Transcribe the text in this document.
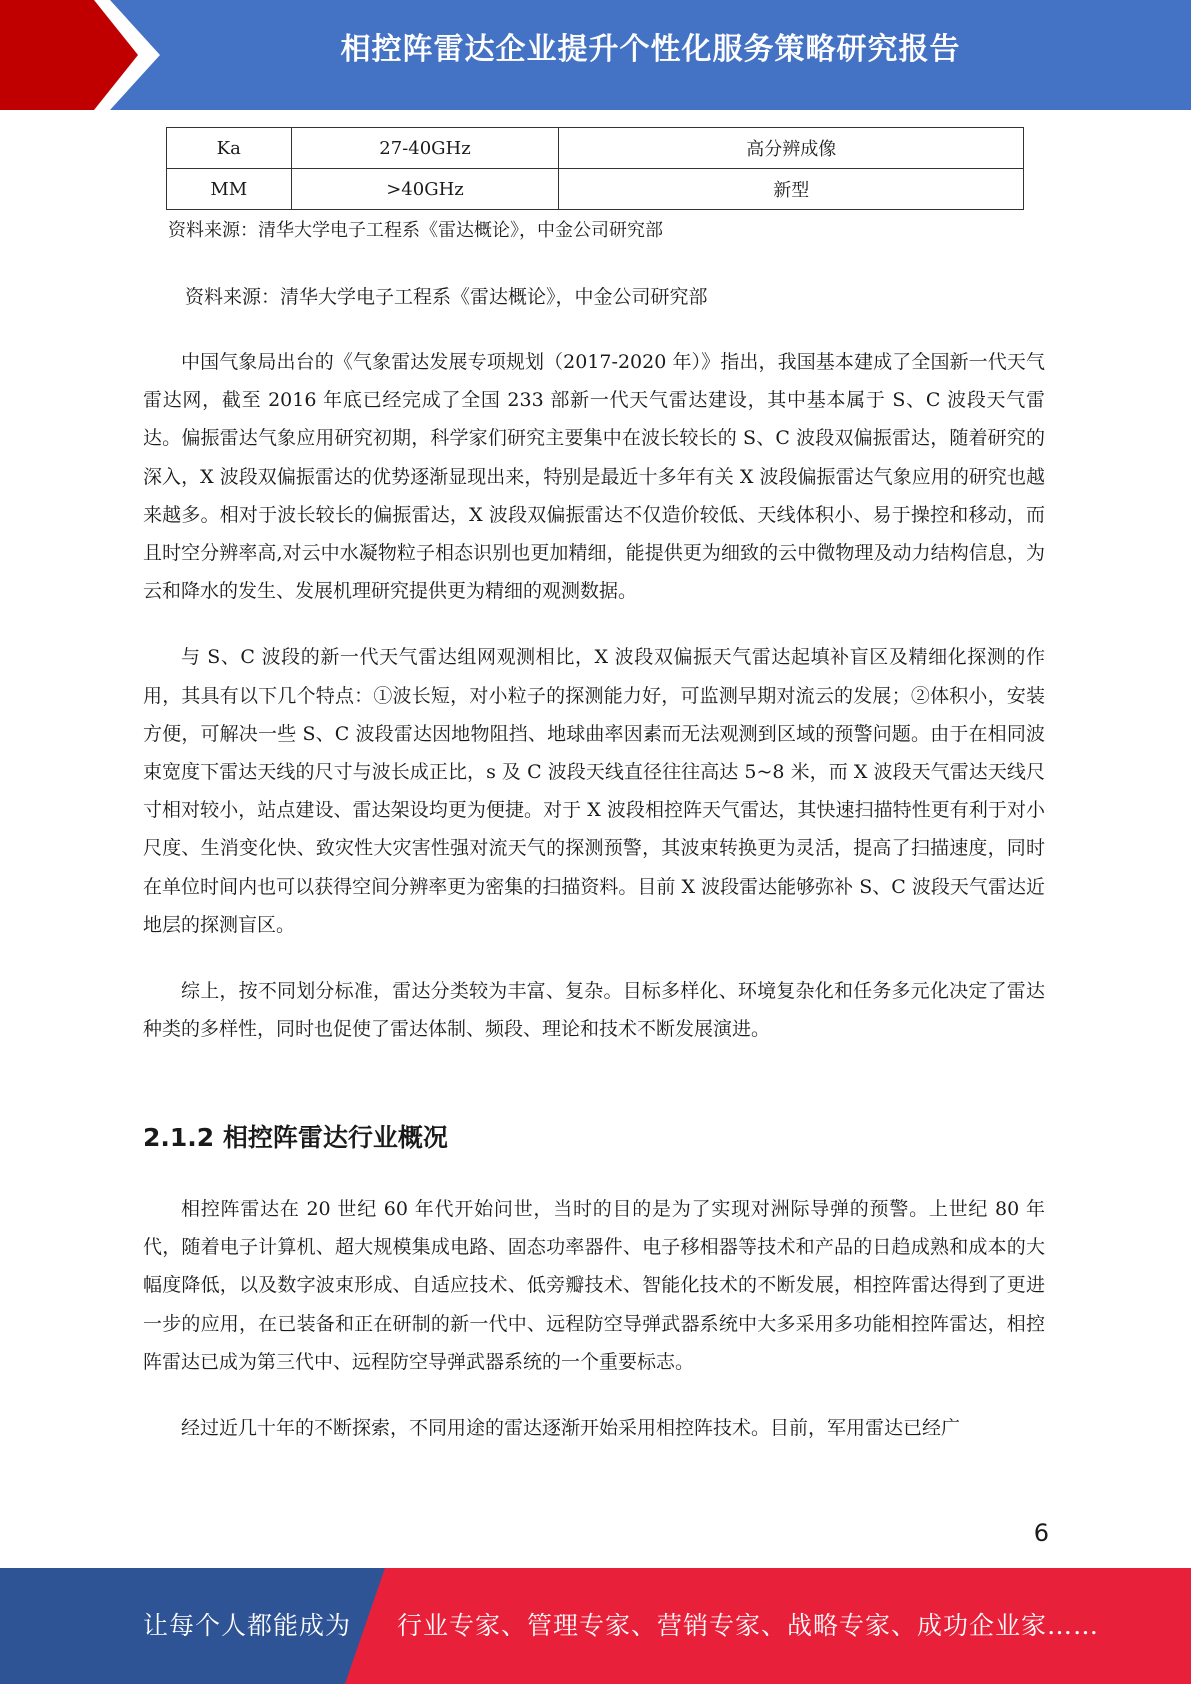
相控阵雷达企业提升个性化服务策略研究报告
Ka	27-40GHz	高分辨成像
MM	>40GHz	新型
资料来源：清华大学电子工程系《雷达概论》，中金公司研究部
资料来源：清华大学电子工程系《雷达概论》，中金公司研究部

中国气象局出台的《气象雷达发展专项规划（2017-2020 年）》指出，我国基本建成了全国新一代天气雷达网，截至 2016 年底已经完成了全国 233 部新一代天气雷达建设，其中基本属于 S、C 波段天气雷达。偏振雷达气象应用研究初期，科学家们研究主要集中在波长较长的 S、C 波段双偏振雷达，随着研究的深入，X 波段双偏振雷达的优势逐渐显现出来，特别是最近十多年有关 X 波段偏振雷达气象应用的研究也越来越多。相对于波长较长的偏振雷达，X 波段双偏振雷达不仅造价较低、天线体积小、易于操控和移动，而且时空分辨率高,对云中水凝物粒子相态识别也更加精细，能提供更为细致的云中微物理及动力结构信息，为云和降水的发生、发展机理研究提供更为精细的观测数据。

与 S、C 波段的新一代天气雷达组网观测相比，X 波段双偏振天气雷达起填补盲区及精细化探测的作用，其具有以下几个特点：①波长短，对小粒子的探测能力好，可监测早期对流云的发展；②体积小，安装方便，可解决一些 S、C 波段雷达因地物阻挡、地球曲率因素而无法观测到区域的预警问题。由于在相同波束宽度下雷达天线的尺寸与波长成正比，s 及 C 波段天线直径往往高达 5~8 米，而 X 波段天气雷达天线尺寸相对较小，站点建设、雷达架设均更为便捷。对于 X 波段相控阵天气雷达，其快速扫描特性更有利于对小尺度、生消变化快、致灾性大灾害性强对流天气的探测预警，其波束转换更为灵活，提高了扫描速度，同时在单位时间内也可以获得空间分辨率更为密集的扫描资料。目前 X 波段雷达能够弥补 S、C 波段天气雷达近地层的探测盲区。

综上，按不同划分标准，雷达分类较为丰富、复杂。目标多样化、环境复杂化和任务多元化决定了雷达种类的多样性，同时也促使了雷达体制、频段、理论和技术不断发展演进。

2.1.2 相控阵雷达行业概况

相控阵雷达在 20 世纪 60 年代开始问世，当时的目的是为了实现对洲际导弹的预警。上世纪 80 年代，随着电子计算机、超大规模集成电路、固态功率器件、电子移相器等技术和产品的日趋成熟和成本的大幅度降低，以及数字波束形成、自适应技术、低旁瓣技术、智能化技术的不断发展，相控阵雷达得到了更进一步的应用，在已装备和正在研制的新一代中、远程防空导弹武器系统中大多采用多功能相控阵雷达，相控阵雷达已成为第三代中、远程防空导弹武器系统的一个重要标志。

经过近几十年的不断探索，不同用途的雷达逐渐开始采用相控阵技术。目前，军用雷达已经广

6
让每个人都能成为 行业专家、管理专家、营销专家、战略专家、成功企业家……
